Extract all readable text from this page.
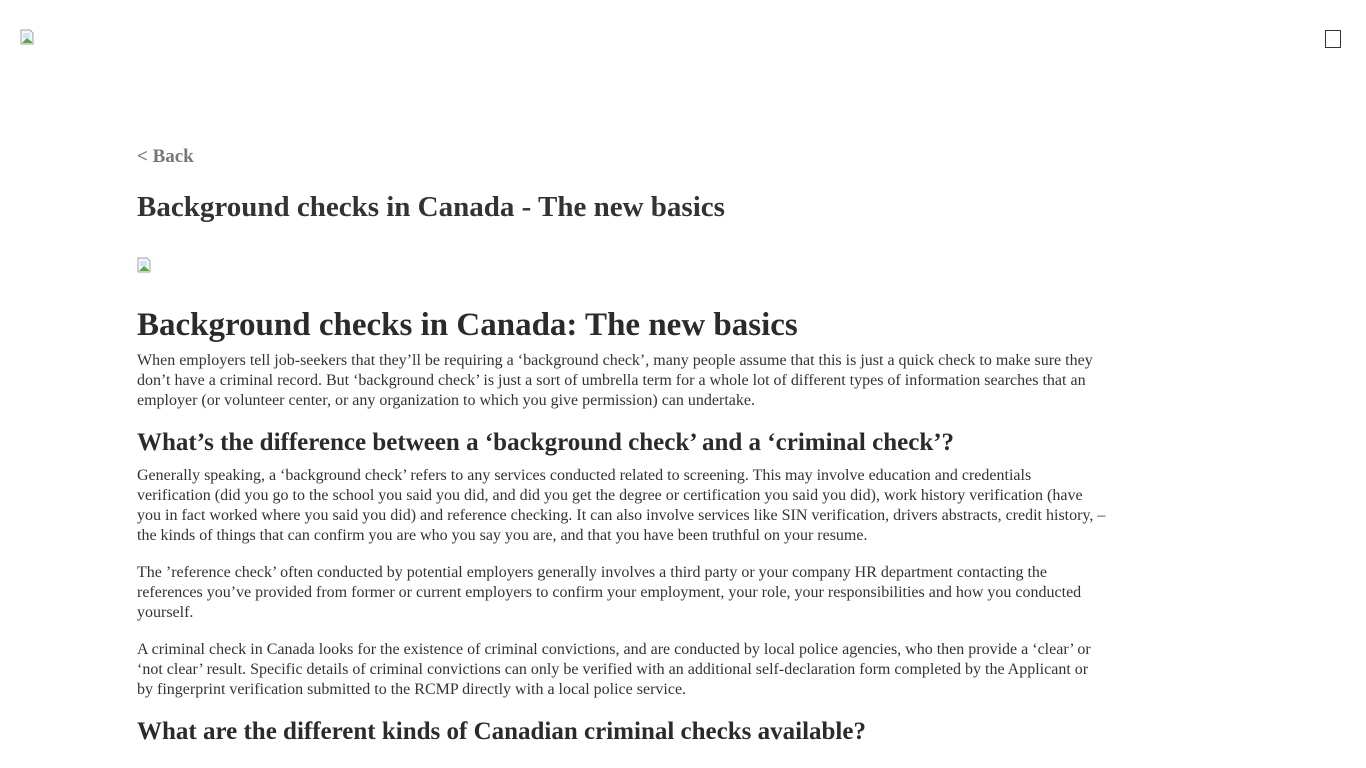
< Back
Background checks in Canada - The new basics
Background checks in Canada: The new basics

When employers tell job-seekers that they’ll be requiring a ‘background check’, many people assume that this is just a quick check to make sure they don’t have a criminal record. But ‘background check’ is just a sort of umbrella term for a whole lot of different types of information searches that an employer (or volunteer center, or any organization to which you give permission) can undertake.

What’s the difference between a ‘background check’ and a ‘criminal check’?

Generally speaking, a ‘background check’ refers to any services conducted related to screening. This may involve education and credentials verification (did you go to the school you said you did, and did you get the degree or certification you said you did), work history verification (have you in fact worked where you said you did) and reference checking. It can also involve services like SIN verification, drivers abstracts, credit history, – the kinds of things that can confirm you are who you say you are, and that you have been truthful on your resume.

The ’reference check’ often conducted by potential employers generally involves a third party or your company HR department contacting the references you’ve provided from former or current employers to confirm your employment, your role, your responsibilities and how you conducted yourself.

A criminal check in Canada looks for the existence of criminal convictions, and are conducted by local police agencies, who then provide a ‘clear’ or ‘not clear’ result. Specific details of criminal convictions can only be verified with an additional self-declaration form completed by the Applicant or by fingerprint verification submitted to the RCMP directly with a local police service.

What are the different kinds of Canadian criminal checks available?
